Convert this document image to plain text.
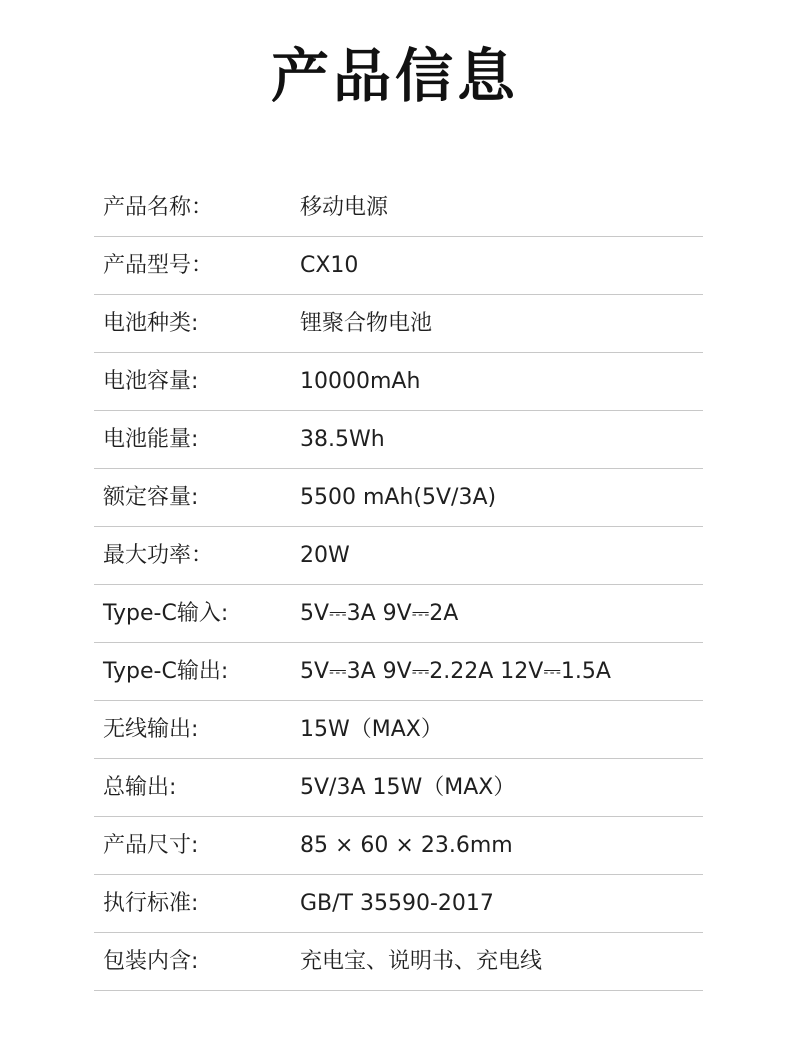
产品信息
产品名称：	移动电源
产品型号：	CX10
电池种类:	锂聚合物电池
电池容量:	10000mAh
电池能量:	38.5Wh
额定容量:	5500 mAh(5V/3A)
最大功率：	20W
Type-C输入:	5V⎓3A 9V⎓2A
Type-C输出:	5V⎓3A 9V⎓2.22A 12V⎓1.5A
无线输出:	15W（MAX）
总输出:	5V/3A 15W（MAX）
产品尺寸:	85 × 60 × 23.6mm
执行标准:	GB/T 35590-2017
包装内含:	充电宝、说明书、充电线
